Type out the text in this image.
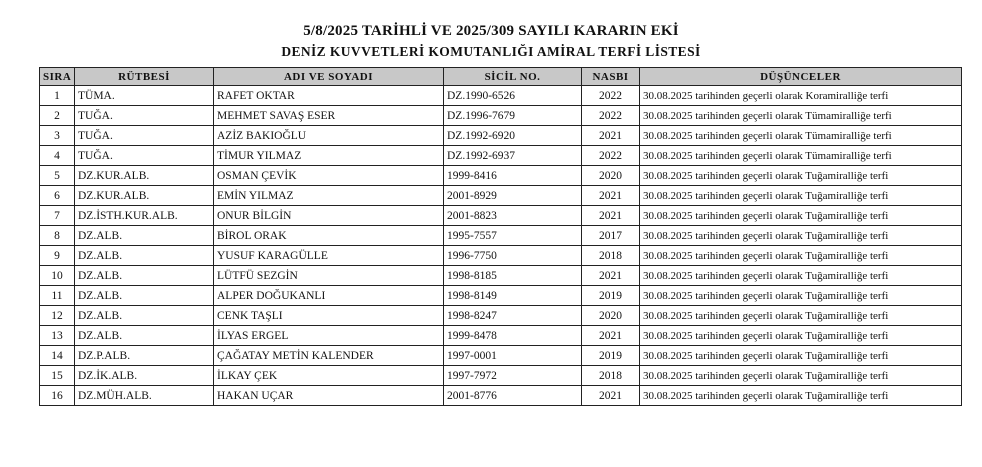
5/8/2025 TARİHLİ VE 2025/309 SAYILI KARARIN EKİ
DENİZ KUVVETLERİ KOMUTANLIĞI AMİRAL TERFİ LİSTESİ
SIRA	RÜTBESİ	ADI VE SOYADI	SİCİL NO.	NASBI	DÜŞÜNCELER
1	TÜMA.	RAFET OKTAR	DZ.1990-6526	2022	30.08.2025 tarihinden geçerli olarak Koramiralliğe terfi
2	TUĞA.	MEHMET SAVAŞ ESER	DZ.1996-7679	2022	30.08.2025 tarihinden geçerli olarak Tümamiralliğe terfi
3	TUĞA.	AZİZ BAKIOĞLU	DZ.1992-6920	2021	30.08.2025 tarihinden geçerli olarak Tümamiralliğe terfi
4	TUĞA.	TİMUR YILMAZ	DZ.1992-6937	2022	30.08.2025 tarihinden geçerli olarak Tümamiralliğe terfi
5	DZ.KUR.ALB.	OSMAN ÇEVİK	1999-8416	2020	30.08.2025 tarihinden geçerli olarak Tuğamiralliğe terfi
6	DZ.KUR.ALB.	EMİN YILMAZ	2001-8929	2021	30.08.2025 tarihinden geçerli olarak Tuğamiralliğe terfi
7	DZ.İSTH.KUR.ALB.	ONUR BİLGİN	2001-8823	2021	30.08.2025 tarihinden geçerli olarak Tuğamiralliğe terfi
8	DZ.ALB.	BİROL ORAK	1995-7557	2017	30.08.2025 tarihinden geçerli olarak Tuğamiralliğe terfi
9	DZ.ALB.	YUSUF KARAGÜLLE	1996-7750	2018	30.08.2025 tarihinden geçerli olarak Tuğamiralliğe terfi
10	DZ.ALB.	LÜTFÜ SEZGİN	1998-8185	2021	30.08.2025 tarihinden geçerli olarak Tuğamiralliğe terfi
11	DZ.ALB.	ALPER DOĞUKANLI	1998-8149	2019	30.08.2025 tarihinden geçerli olarak Tuğamiralliğe terfi
12	DZ.ALB.	CENK TAŞLI	1998-8247	2020	30.08.2025 tarihinden geçerli olarak Tuğamiralliğe terfi
13	DZ.ALB.	İLYAS ERGEL	1999-8478	2021	30.08.2025 tarihinden geçerli olarak Tuğamiralliğe terfi
14	DZ.P.ALB.	ÇAĞATAY METİN KALENDER	1997-0001	2019	30.08.2025 tarihinden geçerli olarak Tuğamiralliğe terfi
15	DZ.İK.ALB.	İLKAY ÇEK	1997-7972	2018	30.08.2025 tarihinden geçerli olarak Tuğamiralliğe terfi
16	DZ.MÜH.ALB.	HAKAN UÇAR	2001-8776	2021	30.08.2025 tarihinden geçerli olarak Tuğamiralliğe terfi
